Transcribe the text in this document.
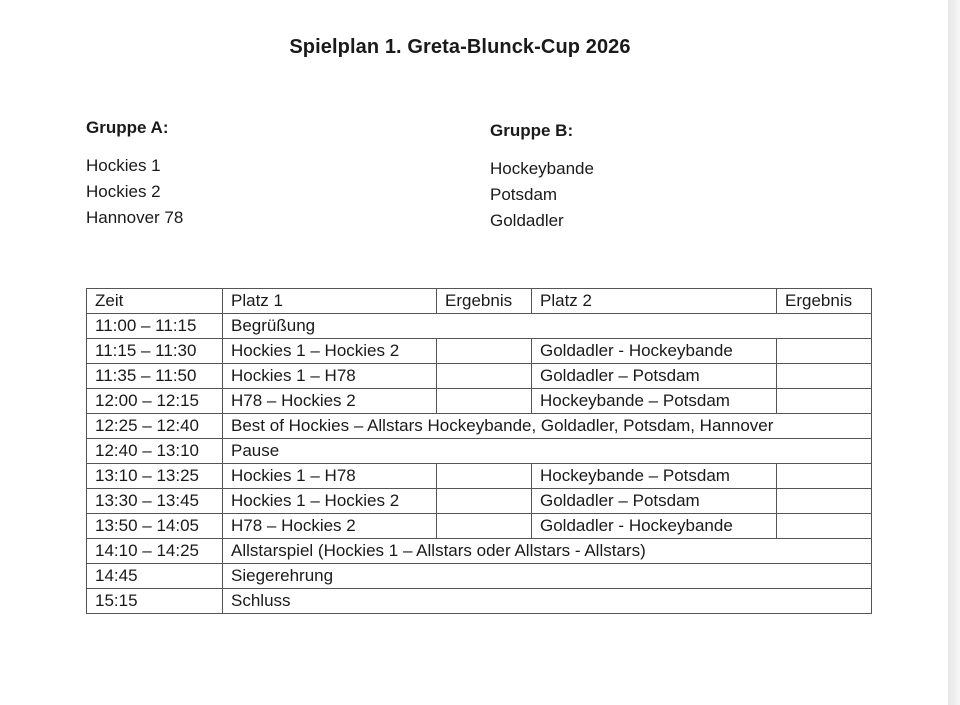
Spielplan 1. Greta-Blunck-Cup 2026
Gruppe A:
Hockies 1
Hockies 2
Hannover 78
Gruppe B:
Hockeybande
Potsdam
Goldadler
Zeit	Platz 1	Ergebnis	Platz 2	Ergebnis
11:00 – 11:15	Begrüßung			
11:15 – 11:30	Hockies 1 – Hockies 2		Goldadler - Hockeybande	
11:35 – 11:50	Hockies 1 – H78		Goldadler – Potsdam	
12:00 – 12:15	H78 – Hockies 2		Hockeybande – Potsdam	
12:25 – 12:40	Best of Hockies – Allstars Hockeybande, Goldadler, Potsdam, Hannover			
12:40 – 13:10	Pause			
13:10 – 13:25	Hockies 1 – H78		Hockeybande – Potsdam	
13:30 – 13:45	Hockies 1 – Hockies 2		Goldadler – Potsdam	
13:50 – 14:05	H78 – Hockies 2		Goldadler - Hockeybande	
14:10 – 14:25	Allstarspiel (Hockies 1 – Allstars oder Allstars - Allstars)			
14:45	Siegerehrung			
15:15	Schluss			
